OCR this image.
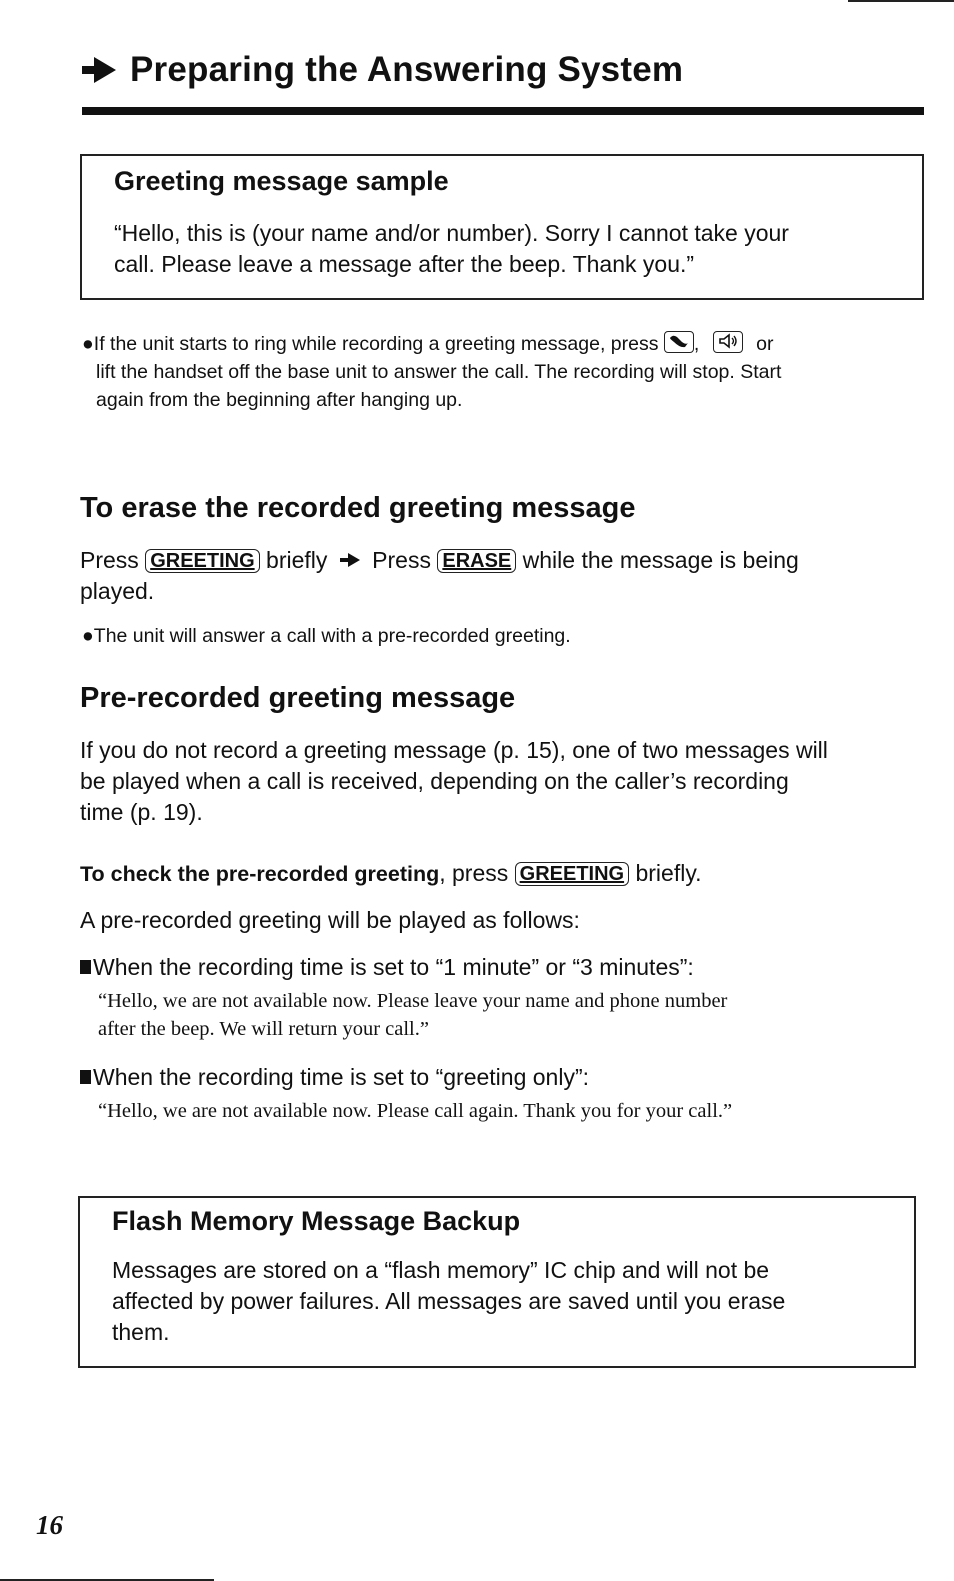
Preparing the Answering System
Greeting message sample
“Hello, this is (your name and/or number). Sorry I cannot take your
call. Please leave a message after the beep. Thank you.”
●If the unit starts to ring while recording a greeting message, press ,	or
lift the handset off the base unit to answer the call. The recording will stop. Start
again from the beginning after hanging up.
To erase the recorded greeting message
Press GREETING briefly Press ERASE while the message is being
played.
●The unit will answer a call with a pre-recorded greeting.
Pre-recorded greeting message
If you do not record a greeting message (p. 15), one of two messages will
be played when a call is received, depending on the caller’s recording
time (p. 19).
To check the pre-recorded greeting, press GREETING briefly.
A pre-recorded greeting will be played as follows:
When the recording time is set to “1 minute” or “3 minutes”:
“Hello, we are not available now. Please leave your name and phone number
after the beep. We will return your call.”
When the recording time is set to “greeting only”:
“Hello, we are not available now. Please call again. Thank you for your call.”
Flash Memory Message Backup
Messages are stored on a “flash memory” IC chip and will not be
affected by power failures. All messages are saved until you erase
them.
16
